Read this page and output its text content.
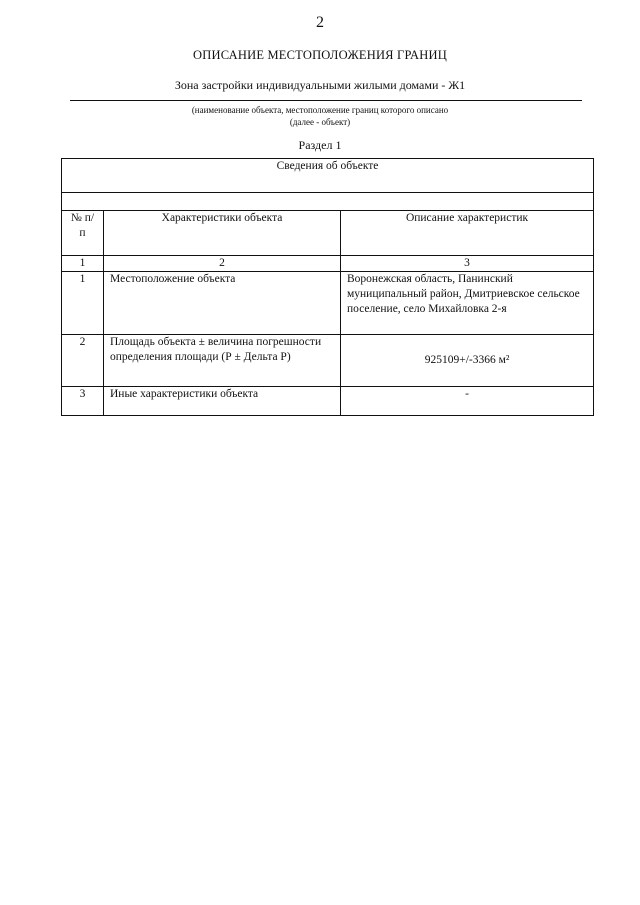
2
ОПИСАНИЕ МЕСТОПОЛОЖЕНИЯ ГРАНИЦ
Зона застройки индивидуальными жилыми домами - Ж1
(наименование объекта, местоположение границ которого описано
(далее - объект)
Раздел 1
Сведения об объекте		

№ п/п	Характеристики объекта	Описание характеристик
1	2	3
1	Местоположение объекта	Воронежская область, Панинский муниципальный район, Дмитриевское сельское поселение, село Михайловка 2-я
2	Площадь объекта ± величина погрешности определения площади (Р ± Дельта Р)	925109+/-3366 м²
3	Иные характеристики объекта	-
